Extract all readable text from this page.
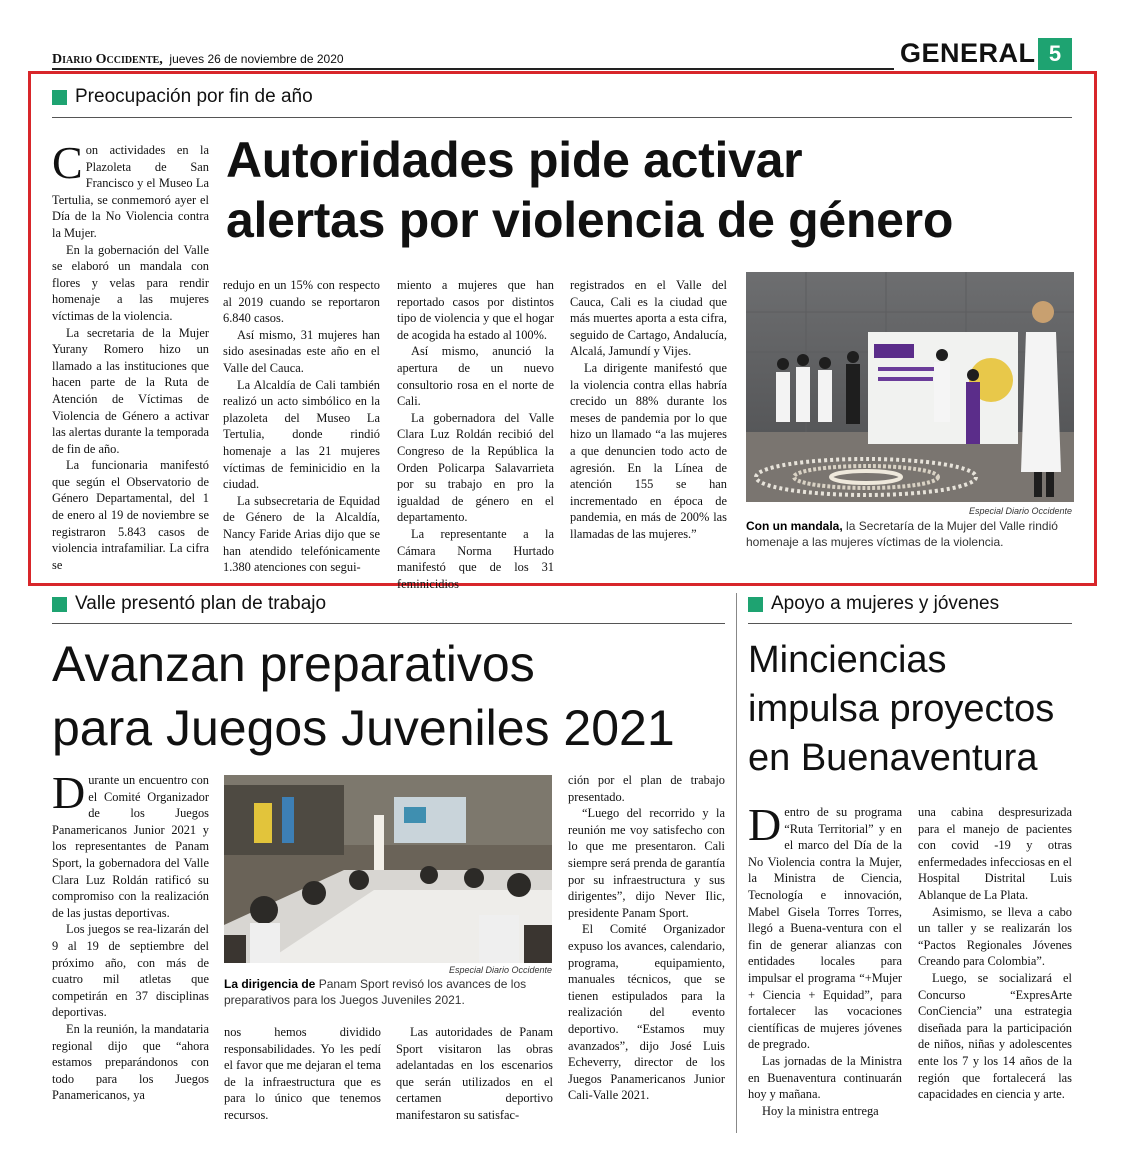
Diario Occidente, jueves 26 de noviembre de 2020	GENERAL 5
Preocupación por fin de año
Autoridades pide activar
alertas por violencia de género
C on actividades en la Plazoleta de San Francisco y el Museo La Tertulia, se conmemoró ayer el Día de la No Violencia contra la Mujer.

En la gobernación del Valle se elaboró un mandala con flores y velas para rendir homenaje a las mujeres víctimas de la violencia.

La secretaria de la Mujer Yurany Romero hizo un llamado a las instituciones que hacen parte de la Ruta de Atención de Víctimas de Violencia de Género a activar las alertas durante la temporada de fin de año.

La funcionaria manifestó que según el Observatorio de Género Departamental, del 1 de enero al 19 de noviembre se registraron 5.843 casos de violencia intrafamiliar. La cifra se

redujo en un 15% con respecto al 2019 cuando se reportaron 6.840 casos.

Así mismo, 31 mujeres han sido asesinadas este año en el Valle del Cauca.

La Alcaldía de Cali también realizó un acto simbólico en la plazoleta del Museo La Tertulia, donde rindió homenaje a las 21 mujeres víctimas de feminicidio en la ciudad.

La subsecretaria de Equidad de Género de la Alcaldía, Nancy Faride Arias dijo que se han atendido telefónicamente 1.380 atenciones con segui-

miento a mujeres que han reportado casos por distintos tipo de violencia y que el hogar de acogida ha estado al 100%.

Así mismo, anunció la apertura de un nuevo consultorio rosa en el norte de Cali.

La gobernadora del Valle Clara Luz Roldán recibió del Congreso de la República la Orden Policarpa Salavarrieta por su trabajo en pro la igualdad de género en el departamento.

La representante a la Cámara Norma Hurtado manifestó que de los 31 feminicidios

registrados en el Valle del Cauca, Cali es la ciudad que más muertes aporta a esta cifra, seguido de Cartago, Andalucía, Alcalá, Jamundí y Vijes.

La dirigente manifestó que la violencia contra ellas habría crecido un 88% durante los meses de pandemia por lo que hizo un llamado “a las mujeres a que denuncien todo acto de agresión. En la Línea de atención 155 se han incrementado en época de pandemia, en más de 200% las llamadas de las mujeres.”

Especial Diario Occidente
Con un mandala, la Secretaría de la Mujer del Valle rindió homenaje a las mujeres víctimas de la violencia.
Valle presentó plan de trabajo
Avanzan preparativos
para Juegos Juveniles 2021
D urante un encuentro con el Comité Organizador de los Juegos Panamericanos Junior 2021 y los representantes de Panam Sport, la gobernadora del Valle Clara Luz Roldán ratificó su compromiso con la realización de las justas deportivas.

Los juegos se rea-lizarán del 9 al 19 de septiembre del próximo año, con más de cuatro mil atletas que competirán en 37 disciplinas deportivas.

En la reunión, la mandataria regional dijo que “ahora estamos preparándonos con todo para los Juegos Panamericanos, ya

Especial Diario Occidente
La dirigencia de Panam Sport revisó los avances de los preparativos para los Juegos Juveniles 2021.

nos hemos dividido responsabilidades. Yo les pedí el favor que me dejaran el tema de la infraestructura que es para lo único que tenemos recursos.

Las autoridades de Panam Sport visitaron las obras adelantadas en los escenarios que serán utilizados en el certamen deportivo manifestaron su satisfac-

ción por el plan de trabajo presentado.

“Luego del recorrido y la reunión me voy satisfecho con lo que me presentaron. Cali siempre será prenda de garantía por su infraestructura y sus dirigentes”, dijo Never Ilic, presidente Panam Sport.

El Comité Organizador expuso los avances, calendario, programa, equipamiento, manuales técnicos, que se tienen estipulados para la realización del evento deportivo. “Estamos muy avanzados”, dijo José Luis Echeverry, director de los Juegos Panamericanos Junior Cali-Valle 2021.

Apoyo a mujeres y jóvenes
Minciencias
impulsa proyectos
en Buenaventura
D entro de su programa “Ruta Territorial” y en el marco del Día de la No Violencia contra la Mujer, la Ministra de Ciencia, Tecnología e innovación, Mabel Gisela Torres Torres, llegó a Buena-ventura con el fin de generar alianzas con entidades locales para impulsar el programa “+Mujer + Ciencia + Equidad”, para fortalecer las vocaciones científicas de mujeres jóvenes de pregrado.

Las jornadas de la Ministra en Buenaventura continuarán hoy y mañana.

Hoy la ministra entrega

una cabina despresurizada para el manejo de pacientes con covid -19 y otras enfermedades infecciosas en el Hospital Distrital Luis Ablanque de La Plata.

Asimismo, se lleva a cabo un taller y se realizarán los “Pactos Regionales Jóvenes Creando para Colombia”.

Luego, se socializará el Concurso “ExpresArte ConCiencia” una estrategia diseñada para la participación de niños, niñas y adolescentes ente los 7 y los 14 años de la región que fortalecerá las capacidades en ciencia y arte.
